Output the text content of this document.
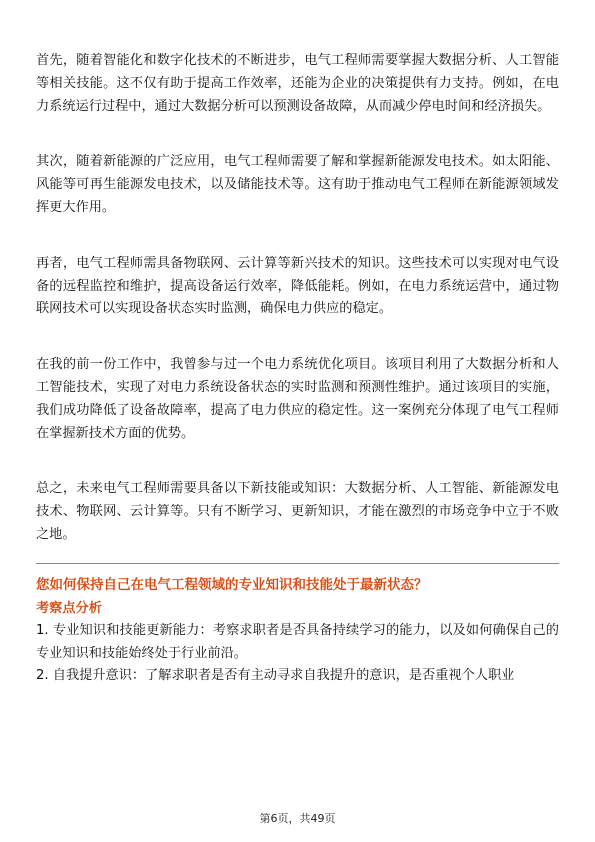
首先，随着智能化和数字化技术的不断进步，电气工程师需要掌握大数据分析、人工智能等相关技能。这不仅有助于提高工作效率，还能为企业的决策提供有力支持。例如，在电力系统运行过程中，通过大数据分析可以预测设备故障，从而减少停电时间和经济损失。

其次，随着新能源的广泛应用，电气工程师需要了解和掌握新能源发电技术。如太阳能、风能等可再生能源发电技术，以及储能技术等。这有助于推动电气工程师在新能源领域发挥更大作用。

再者，电气工程师需具备物联网、云计算等新兴技术的知识。这些技术可以实现对电气设备的远程监控和维护，提高设备运行效率，降低能耗。例如，在电力系统运营中，通过物联网技术可以实现设备状态实时监测，确保电力供应的稳定。

在我的前一份工作中，我曾参与过一个电力系统优化项目。该项目利用了大数据分析和人工智能技术，实现了对电力系统设备状态的实时监测和预测性维护。通过该项目的实施，我们成功降低了设备故障率，提高了电力供应的稳定性。这一案例充分体现了电气工程师在掌握新技术方面的优势。

总之，未来电气工程师需要具备以下新技能或知识：大数据分析、人工智能、新能源发电技术、物联网、云计算等。只有不断学习、更新知识，才能在激烈的市场竞争中立于不败之地。

您如何保持自己在电气工程领域的专业知识和技能处于最新状态？

考察点分析

1. 专业知识和技能更新能力：考察求职者是否具备持续学习的能力，以及如何确保自己的专业知识和技能始终处于行业前沿。

2. 自我提升意识：了解求职者是否有主动寻求自我提升的意识，是否重视个人职业

第6页，共49页
